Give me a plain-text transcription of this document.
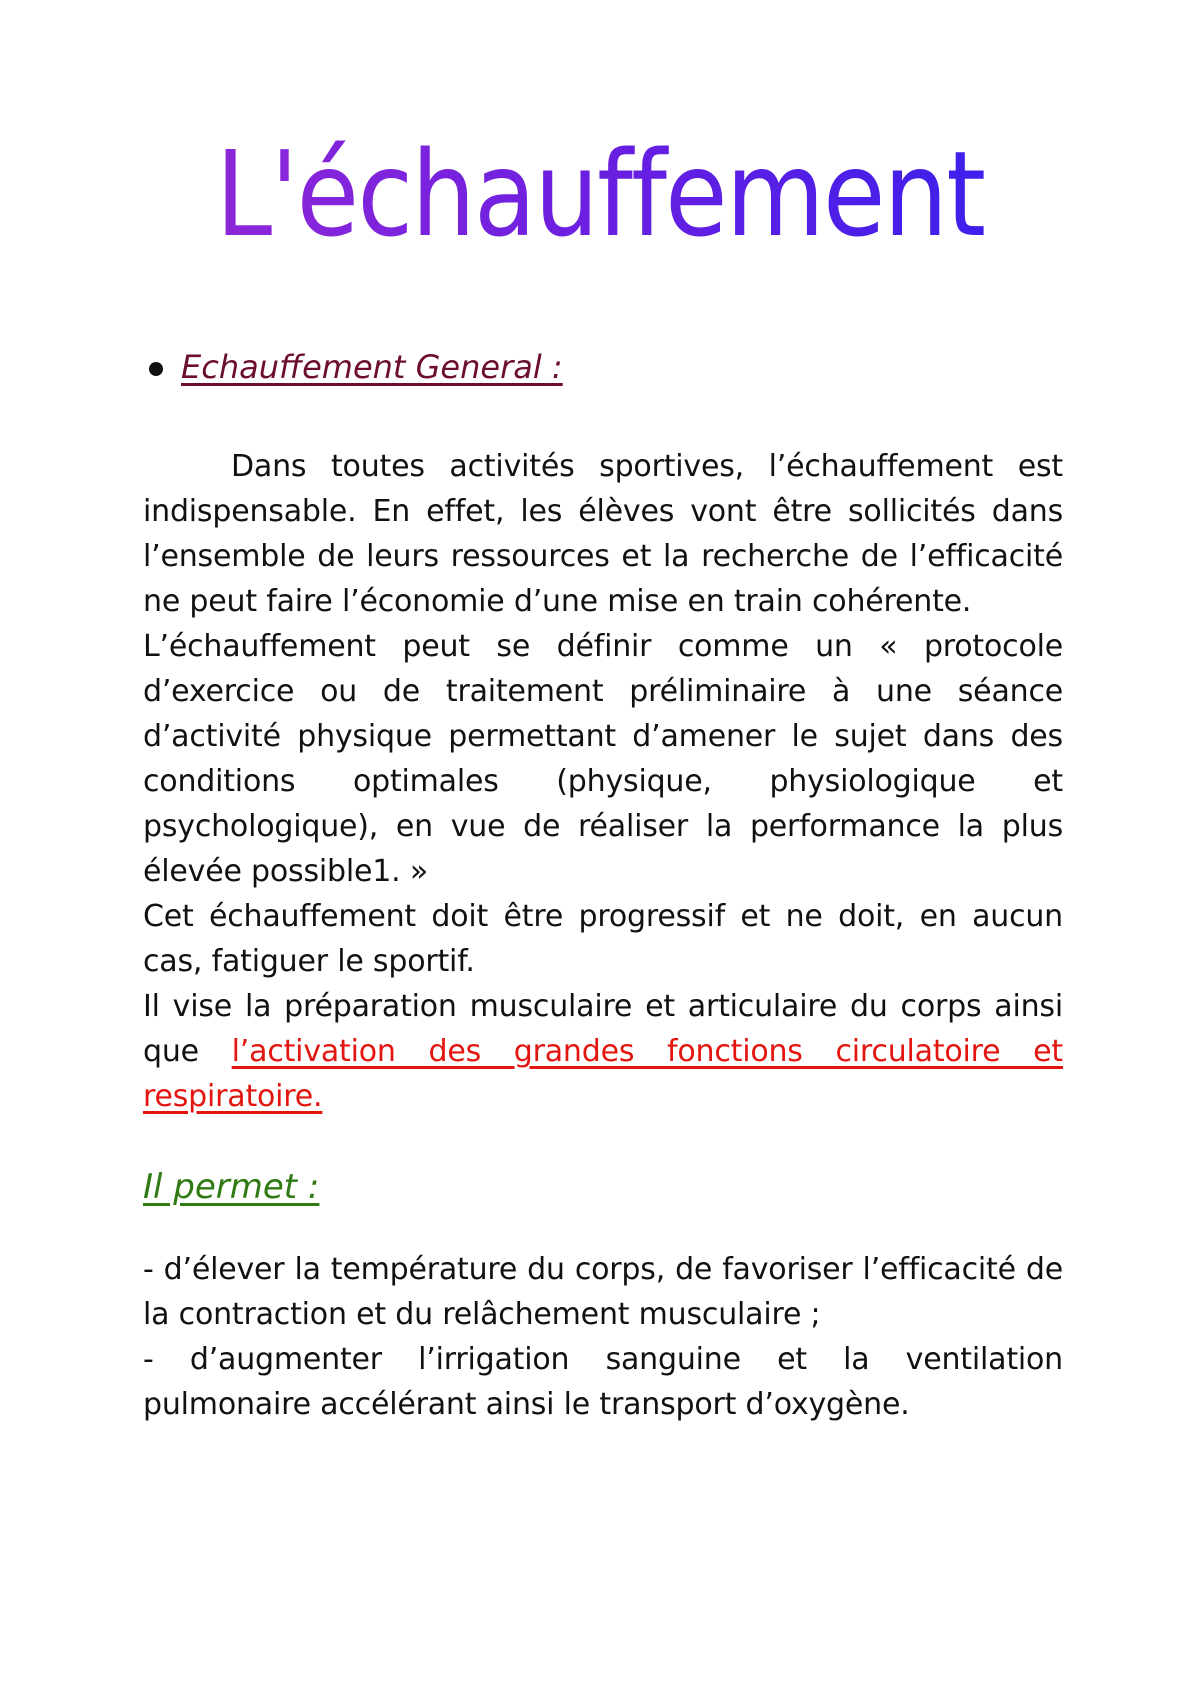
L'échauffement
Echauffement General :

Dans toutes activités sportives, l’échauffement est indispensable. En effet, les élèves vont être sollicités dans l’ensemble de leurs ressources et la recherche de l’efficacité ne peut faire l’économie d’une mise en train cohérente.

L’échauffement peut se définir comme un « protocole d’exercice ou de traitement préliminaire à une séance d’activité physique permettant d’amener le sujet dans des conditions optimales (physique, physiologique et psychologique), en vue de réaliser la performance la plus élevée possible1. »

Cet échauffement doit être progressif et ne doit, en aucun cas, fatiguer le sportif.

Il vise la préparation musculaire et articulaire du corps ainsi que l’activation des grandes fonctions circulatoire et respiratoire.

Il permet :

- d’élever la température du corps, de favoriser l’efficacité de la contraction et du relâchement musculaire ;

- d’augmenter l’irrigation sanguine et la ventilation pulmonaire accélérant ainsi le transport d’oxygène.
